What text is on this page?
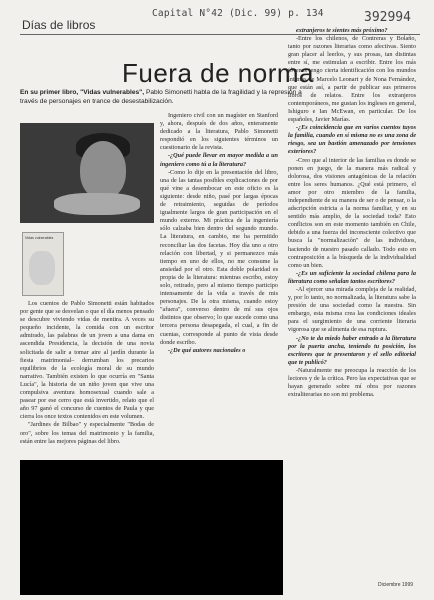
Días de libros
Capital N°42 (Dic. 99) p. 134	392994
Fuera de norma
En su primer libro, "Vidas vulnerables", Pablo Simonetti habla de la fragilidad y la represión a través de personajes en trance de desestabilización.
Vidas vulnerables

Los cuentos de Pablo Simonetti están habitados por gente que se desvelan o que el día menos pensado se descubre viviendo vidas de mentira. A veces su pequeño incidente, la comida con un escritor admirado, las palabras de un joven a una dama en ascendida Presidencia, la decisión de una novia solicitada de salir a tomar aire al jardín durante la fiesta matrimonial– derrumban los precarios equilibrios de la ecología moral de su mundo narrativo. También existen lo que ocurría en "Santa Lucía", la historia de un niño joven que vive una compulsiva aventura homosexual cuando sale a pasear por ese cerro que está invertido, relato que el año 97 ganó el concurso de cuentos de Paula y que cierra los once textos contenidos en este volumen.

"Jardines de Bilbao" y especialmente "Bodas de oro", sobre los temas del matrimonio y la familia, están entre las mejores páginas del libro.

Ingeniero civil con un magíster en Stanford y, ahora, después de dos años, enteramente dedicado a la literatura, Pablo Simonetti respondió en los siguientes términos un cuestionario de la revista.

-¿Qué puede llevar en mayor medida a un ingeniero como tú a la literatura?

-Como lo dije en la presentación del libro, una de las tantas posibles explicaciones de por qué vine a desembocar en este oficio es la siguiente: desde niño, pasé por largas épocas de retraimiento, seguidas de períodos igualmente largos de gran participación en el mundo externo. Mi práctica de la ingeniería sólo calzaba bien dentro del segundo mundo. La literatura, en cambio, me ha permitido reconciliar las dos facetas. Hoy día uno a otro relación con libertad, y si permanezco más tiempo en uno de ellos, no me consume la ansiedad por el otro. Esta doble polaridad es propia de la literatura: mientras escribo, estoy solo, retirado, pero al mismo tiempo participo intensamente de la vida a través de mis personajes. De la otra misma, cuando estoy "afuera", converso dentro de mí sus ojos distintos que observo; lo que sucede como una tercera persona desapegada, el cual, a fin de cuentas, corresponde al punto de vista desde donde escribo.

-¿De qué autores nacionales o

extranjeros te sientes más próximo?

-Entre los chilenos, de Contreras y Bolaño, tanto por razones literarias como afectivas. Siento gran placer al leerlos, y sus prosas, tan distintas entre sí, me estimulan a escribir. Entre los más jóvenes tengo cierta identificación con los mundos íntimos de Marcelo Leonart y de Nona Fernández, que están así, a partir de publicar sus primeros libros de relatos. Entre los extranjeros contemporáneos, me gustan los ingleses en general, Ishiguro e Ian McEwan, en particular. De los españoles, Javier Marías.

-¿Es coincidencia que en varios cuentos tuyos la familia, cuando en sí misma no es una zona de riesgo, sea un bastión amenazado por tensiones exteriores?

-Creo que al interior de las familias es donde se ponen en juego, de la manera más radical y dolorosa, dos visiones antagónicas de la relación entre los seres humanos. ¿Qué está primero, el amor por otro miembro de la familia, independiente de su manera de ser o de pensar, o la adscripción estricta a la norma familiar, y en su sentido más amplio, de la sociedad toda? Esto conflictos son en este momento también en Chile, debido a una fuerza del inconsciente colectivo que busca la "normalización" de las individuos, haciendo de nuestro pasado callado. Todo esto en contraposición a la búsqueda de la individualidad como un bien.

-¿Es un suficiente la sociedad chilena para la literatura como señalan tantos escritores?

-Al ejercer una mirada compleja de la realidad, y, por lo tanto, no normalizada, la literatura sabe la presión de una sociedad como la nuestra. Sin embargo, esta misma crea las condiciones ideales para el surgimiento de una corriente literaria vigorosa que se alimenta de esa ruptura.

-¿No te da miedo haber entrado a la literatura por la puerta ancha, teniendo tu posición, los escritores que te presentaron y el sello editorial que te publicó?

-Naturalmente me preocupa la reacción de los lectores y de la crítica. Pero las expectativas que se hayan generado sobre mí obra por razones extraliterarias no son mi problema.

Diciembre 1999
